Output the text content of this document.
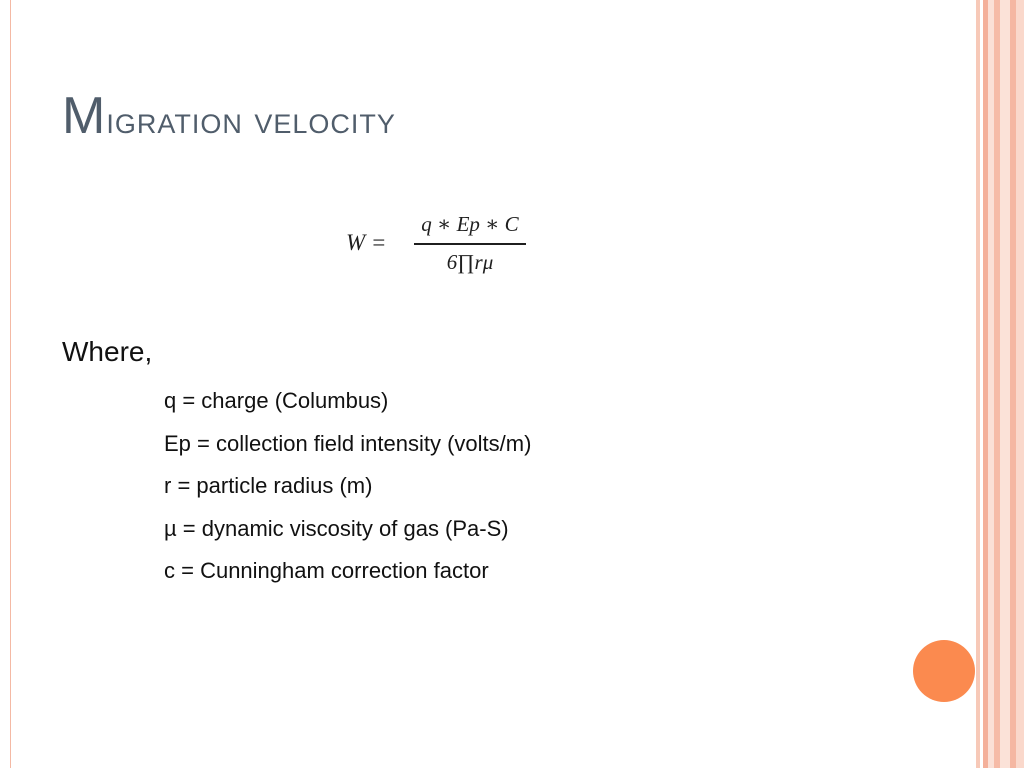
Migration velocity
W =
q ∗ Ep ∗ C
6∏rμ
Where,
q = charge (Columbus)
Ep = collection field intensity (volts/m)
r = particle radius (m)
µ = dynamic viscosity of gas (Pa-S)
c = Cunningham correction factor
